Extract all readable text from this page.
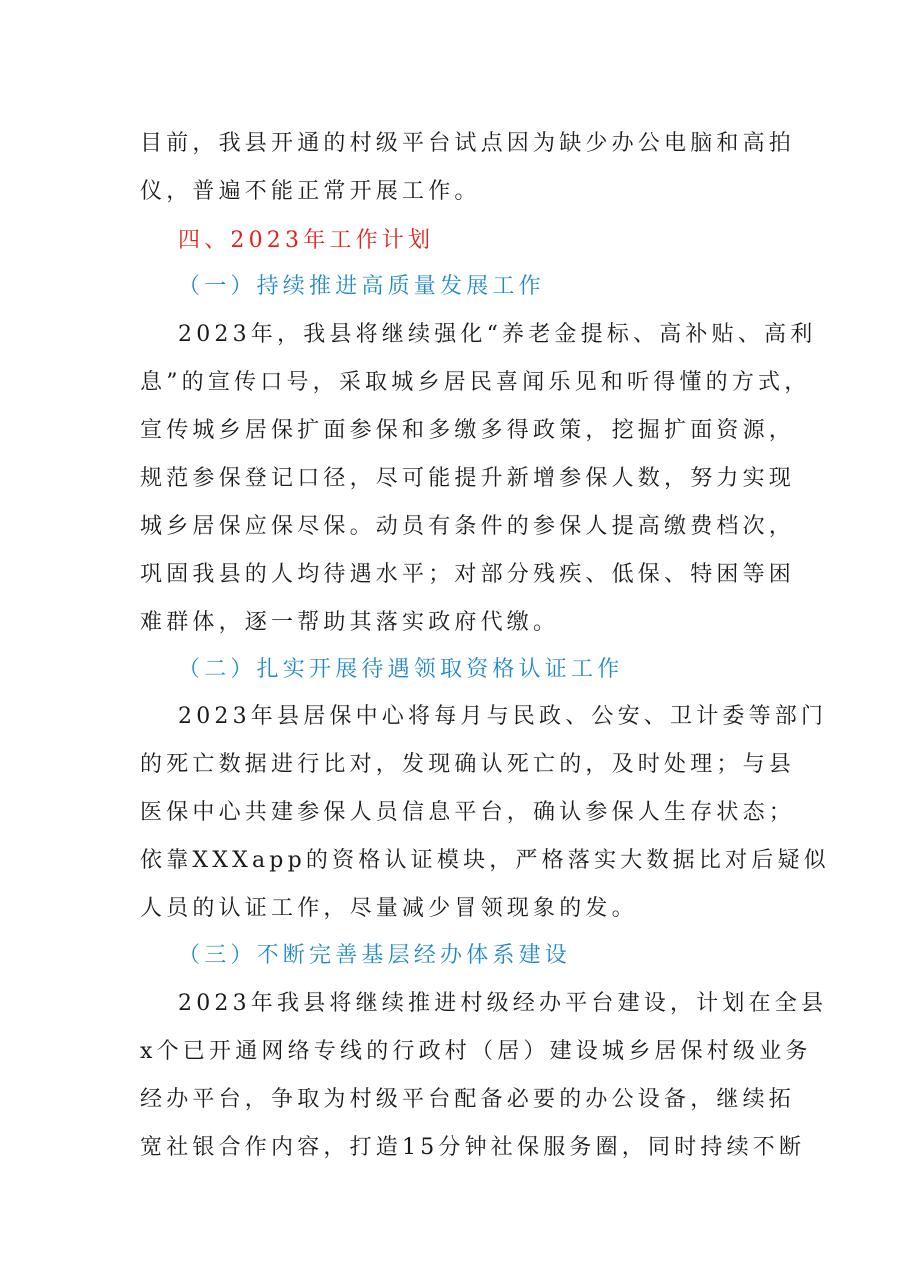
目前，我县开通的村级平台试点因为缺少办公电脑和高拍
仪，普遍不能正常开展工作。
四、2023年工作计划
（一）持续推进高质量发展工作
2023年，我县将继续强化“养老金提标、高补贴、高利
息”的宣传口号，采取城乡居民喜闻乐见和听得懂的方式，
宣传城乡居保扩面参保和多缴多得政策，挖掘扩面资源，
规范参保登记口径，尽可能提升新增参保人数，努力实现
城乡居保应保尽保。动员有条件的参保人提高缴费档次，
巩固我县的人均待遇水平；对部分残疾、低保、特困等困
难群体，逐一帮助其落实政府代缴。
（二）扎实开展待遇领取资格认证工作
2023年县居保中心将每月与民政、公安、卫计委等部门
的死亡数据进行比对，发现确认死亡的，及时处理；与县
医保中心共建参保人员信息平台，确认参保人生存状态；
依靠XXXapp的资格认证模块，严格落实大数据比对后疑似
人员的认证工作，尽量减少冒领现象的发。
（三）不断完善基层经办体系建设
2023年我县将继续推进村级经办平台建设，计划在全县
x个已开通网络专线的行政村（居）建设城乡居保村级业务
经办平台，争取为村级平台配备必要的办公设备，继续拓
宽社银合作内容，打造15分钟社保服务圈，同时持续不断
